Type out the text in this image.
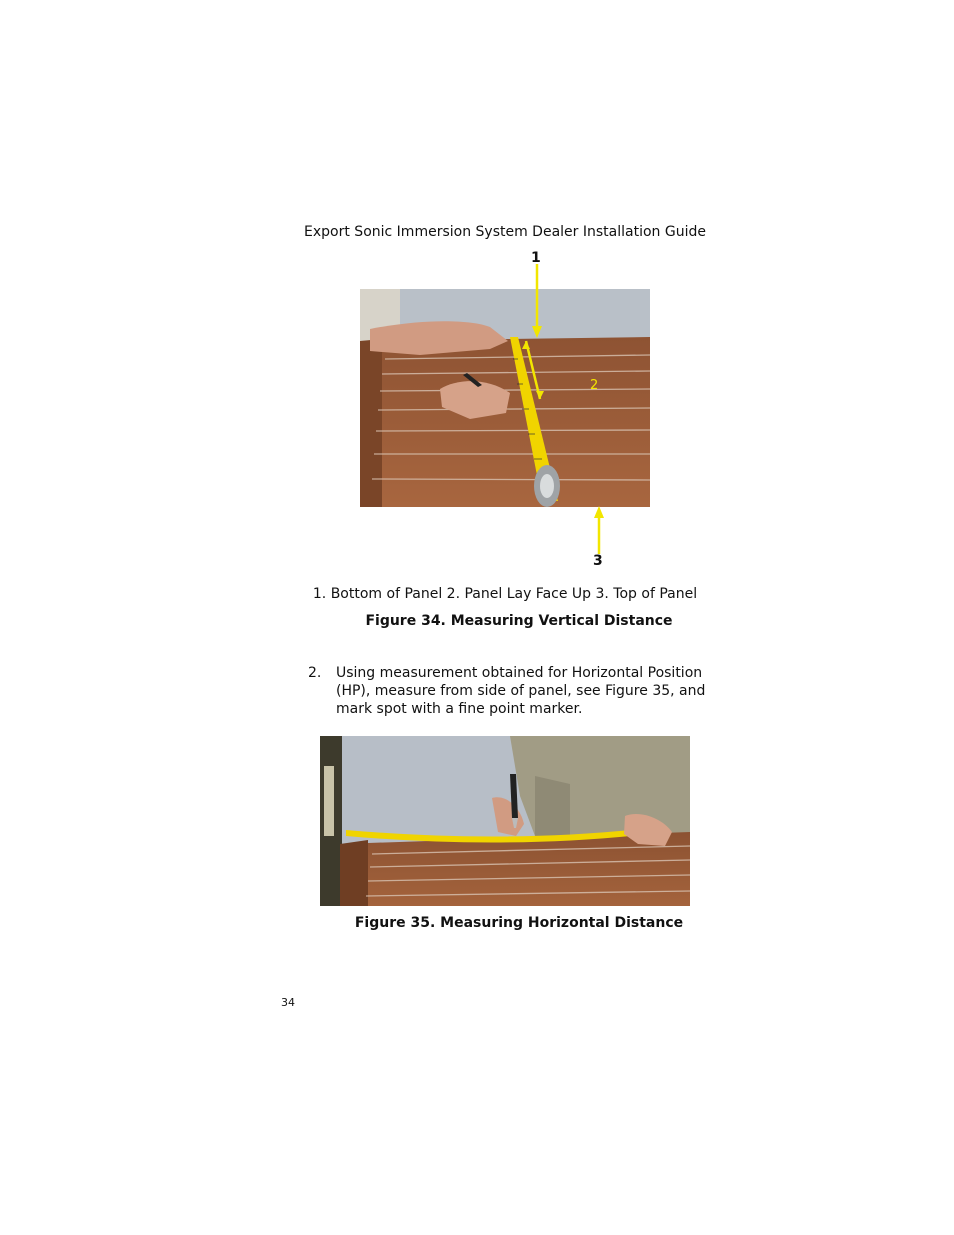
Export Sonic Immersion System Dealer Installation Guide
2
1
3
1. Bottom of Panel 2. Panel Lay Face Up 3. Top of Panel
Figure 34. Measuring Vertical Distance
2. Using measurement obtained for Horizontal Position (HP), measure from side of panel, see Figure 35, and mark spot with a fine point marker.
Figure 35. Measuring Horizontal Distance
34
